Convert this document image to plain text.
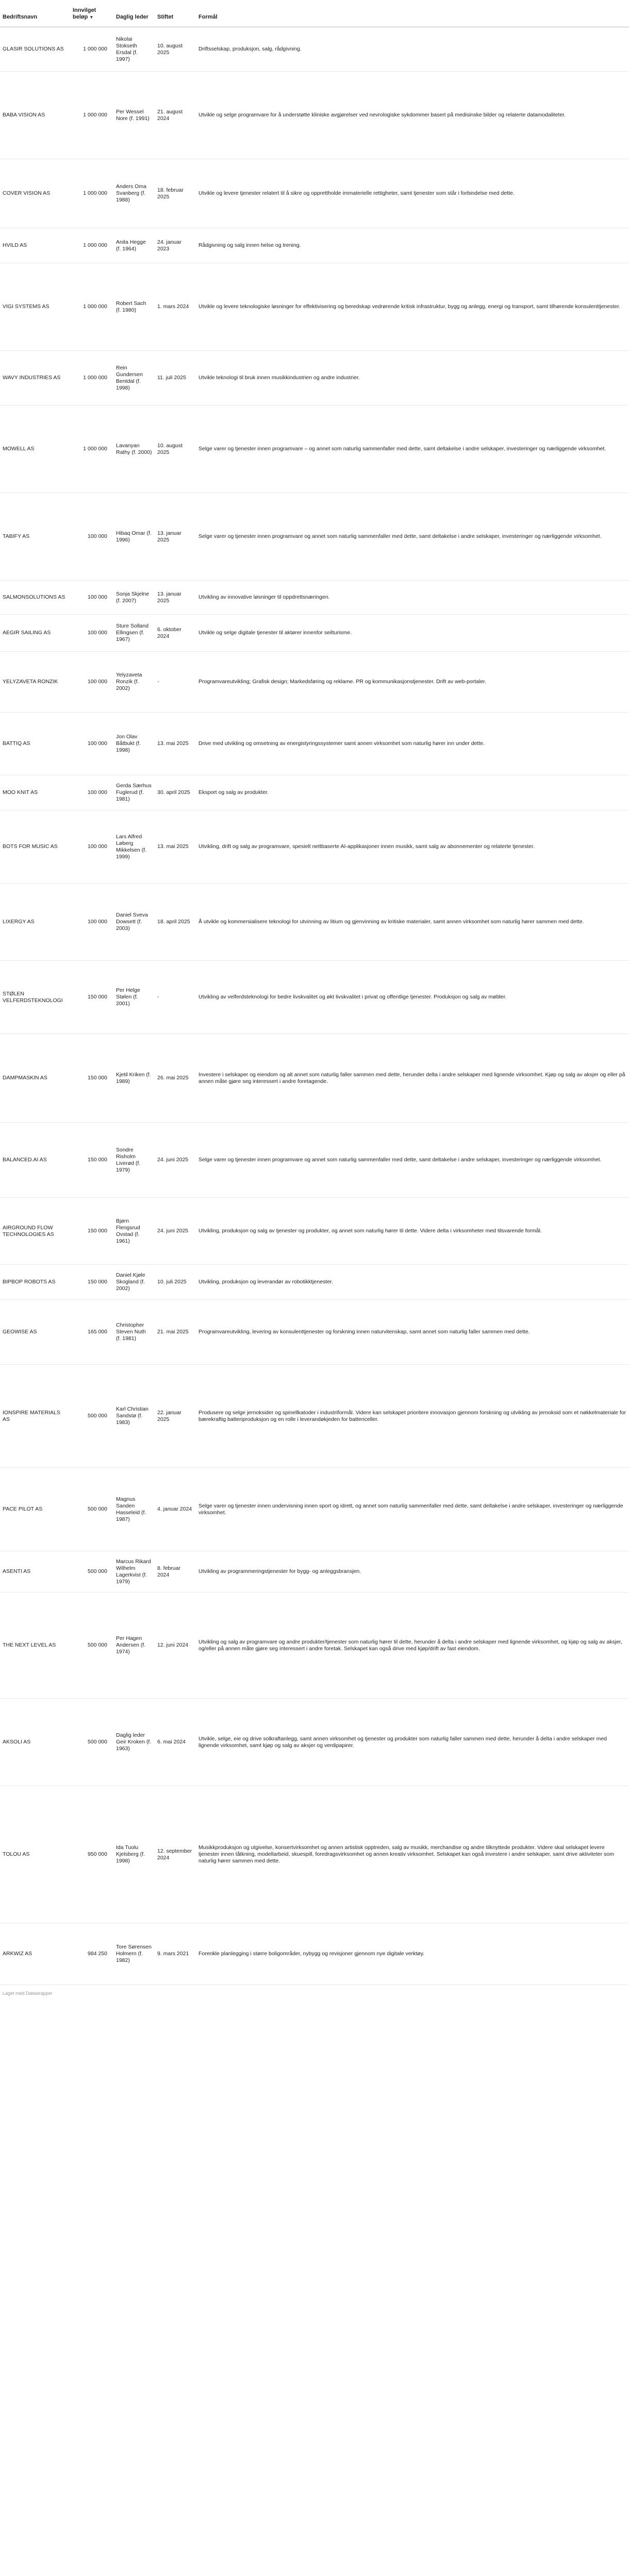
Bedriftsnavn	Innvilget beløp ▼	Daglig leder	Stiftet	Formål
GLASIR SOLUTIONS AS	1 000 000	Nikolai Stokseth Ersdal (f. 1997)	10. august 2025	Driftsselskap, produksjon, salg, rådgivning.
BABA VISION AS	1 000 000	Per Wessel Nore (f. 1991)	21. august 2024	Utvikle og selge programvare for å understøtte kliniske avgjørelser ved nevrologiske sykdommer basert på medisinske bilder og relaterte datamodaliteter.
COVER VISION AS	1 000 000	Anders Oma Svanberg (f. 1988)	18. februar 2025	Utvikle og levere tjenester relatert til å sikre og opprettholde immaterielle rettigheter, samt tjenester som står i forbindelse med dette.
HVILD AS	1 000 000	Anita Hegge (f. 1964)	24. januar 2023	Rådgivning og salg innen helse og trening.
VIGI SYSTEMS AS	1 000 000	Robert Sach (f. 1980)	1. mars 2024	Utvikle og levere teknologiske løsninger for effektivisering og beredskap vedrørende kritisk infrastruktur, bygg og anlegg, energi og transport, samt tilhørende konsulenttjenester.
WAVY INDUSTRIES AS	1 000 000	Rein Gundersen Bentdal (f. 1998)	11. juli 2025	Utvikle teknologi til bruk innen musikkindustrien og andre industrier.
MOWELL AS	1 000 000	Lavanyan Rathy (f. 2000)	10. august 2025	Selge varer og tjenester innen programvare – og annet som naturlig sammenfaller med dette, samt deltakelse i andre selskaper, investeringer og nærliggende virksomhet.
TABIFY AS	100 000	Hibaq Omar (f. 1996)	13. januar 2025	Selge varer og tjenester innen programvare og annet som naturlig sammenfaller med dette, samt deltakelse i andre selskaper, investeringer og nærliggende virksomhet.
SALMONSOLUTIONS AS	100 000	Sonja Skjelne (f. 2007)	13. januar 2025	Utvikling av innovative løsninger til oppdrettsnæringen.
AEGIR SAILING AS	100 000	Sture Solland Ellingsen (f. 1967)	6. oktober 2024	Utvikle og selge digitale tjenester til aktører innenfor seilturisme.
YELYZAVETA RONZIK	100 000	Yelyzaveta Ronzik (f. 2002)	-	Programvareutvikling; Grafisk design; Markedsføring og reklame. PR og kommunikasjonstjenester. Drift av web-portaler.
BATTIQ AS	100 000	Jon Olav Båtbukt (f. 1998)	13. mai 2025	Drive med utvikling og omsetning av energistyringssystemer samt annen virksomhet som naturlig hører inn under dette.
MOO KNIT AS	100 000	Gerda Særhus Fuglerud (f. 1981)	30. april 2025	Eksport og salg av produkter.
BOTS FOR MUSIC AS	100 000	Lars Alfred Løberg Mikkelsen (f. 1999)	13. mai 2025	Utvikling, drift og salg av programvare, spesielt nettbaserte AI-applikasjoner innen musikk, samt salg av abonnementer og relaterte tjenester.
LIXERGY AS	100 000	Daniel Sveva Dowsett (f. 2003)	18. april 2025	Å utvikle og kommersialisere teknologi for utvinning av litium og gjenvinning av kritiske materialer, samt annen virksomhet som naturlig hører sammen med dette.
STØLEN VELFERDSTEKNOLOGI	150 000	Per Helge Stølen (f. 2001)	-	Utvikling av velferdsteknologi for bedre livskvalitet og økt livskvalitet i privat og offentlige tjenester. Produksjon og salg av møbler.
DAMPMASKIN AS	150 000	Kjetil Kriken (f. 1989)	26. mai 2025	Investere i selskaper og eiendom og alt annet som naturlig faller sammen med dette, herunder delta i andre selskaper med lignende virksomhet. Kjøp og salg av aksjer og eller på annen måte gjøre seg interessert i andre foretagende.
BALANCED.AI AS	150 000	Sondre Risholm Liverød (f. 1979)	24. juni 2025	Selge varer og tjenester innen programvare og annet som naturlig sammenfaller med dette, samt deltakelse i andre selskaper, investeringer og nærliggende virksomhet.
AIRGROUND FLOW TECHNOLOGIES AS	150 000	Bjørn Flengsrud Ovstad (f. 1961)	24. juni 2025	Utvikling, produksjon og salg av tjenester og produkter, og annet som naturlig hører til dette. Videre delta i virksomheter med tilsvarende formål.
BIPBOP ROBOTS AS	150 000	Daniel Kjøle Skogland (f. 2002)	10. juli 2025	Utvikling, produksjon og leverandør av robotikktjenester.
GEOWISE AS	165 000	Christopher Steven Nuth (f. 1981)	21. mai 2025	Programvareutvikling, levering av konsulenttjenester og forskning innen naturvitenskap, samt annet som naturlig faller sammen med dette.
IONSPIRE MATERIALS AS	500 000	Karl Christian Sandstø (f. 1983)	22. januar 2025	Produsere og selge jernoksider og spinellkatoder i industriformål. Videre kan selskapet prioritere innovasjon gjennom forskning og utvikling av jernoksid som et nøkkelmateriale for bærekraftig batteriproduksjon og en rolle i leverandøkjeden for battericeller.
PACE PILOT AS	500 000	Magnus Sanden Hasseleid (f. 1987)	4. januar 2024	Selge varer og tjenester innen undervisning innen sport og idrett, og annet som naturlig sammenfaller med dette, samt deltakelse i andre selskaper, investeringer og nærliggende virksomhet.
ASENTI AS	500 000	Marcus Rikard Wilhelm Lagerkvist (f. 1979)	8. februar 2024	Utvikling av programmeringstjenester for bygg- og anleggsbransjen.
THE NEXT LEVEL AS	500 000	Per Hagen Andersen (f. 1974)	12. juni 2024	Utvikling og salg av programvare og andre produkter/tjenester som naturlig hører til dette, herunder å delta i andre selskaper med lignende virksomhet, og kjøp og salg av aksjer, og/eller på annen måte gjøre seg interessert i andre foretak. Selskapet kan også drive med kjøp/drift av fast eiendom.
AKSOLI AS	500 000	Daglig leder Geir Kroken (f. 1963)	6. mai 2024	Utvikle, selge, eie og drive solkraftanlegg, samt annen virksomhet og tjenester og produkter som naturlig faller sammen med dette, herunder å delta i andre selskaper med lignende virksomhet, samt kjøp og salg av aksjer og verdipapirer.
TOLOU AS	950 000	Ida Tuolu Kjelsberg (f. 1998)	12. september 2024	Musikkproduksjon og utgivelse, konsertvirksomhet og annen artistisk opptreden, salg av musikk, merchandise og andre tilknyttede produkter. Videre skal selskapet levere tjenester innen tåtkning, modellarbeid, skuespill, foredragsvirksomhet og annen kreativ virksomhet. Selskapet kan også investere i andre selskaper, samt drive aktiviteter som naturlig hører sammen med dette.
ARKWIZ AS	984 250	Tore Sørensen Holmern (f. 1982)	9. mars 2021	Forenkle planlegging i større boligområder, nybygg og revisjoner gjennom nye digitale verktøy.
Laget med Datawrapper
